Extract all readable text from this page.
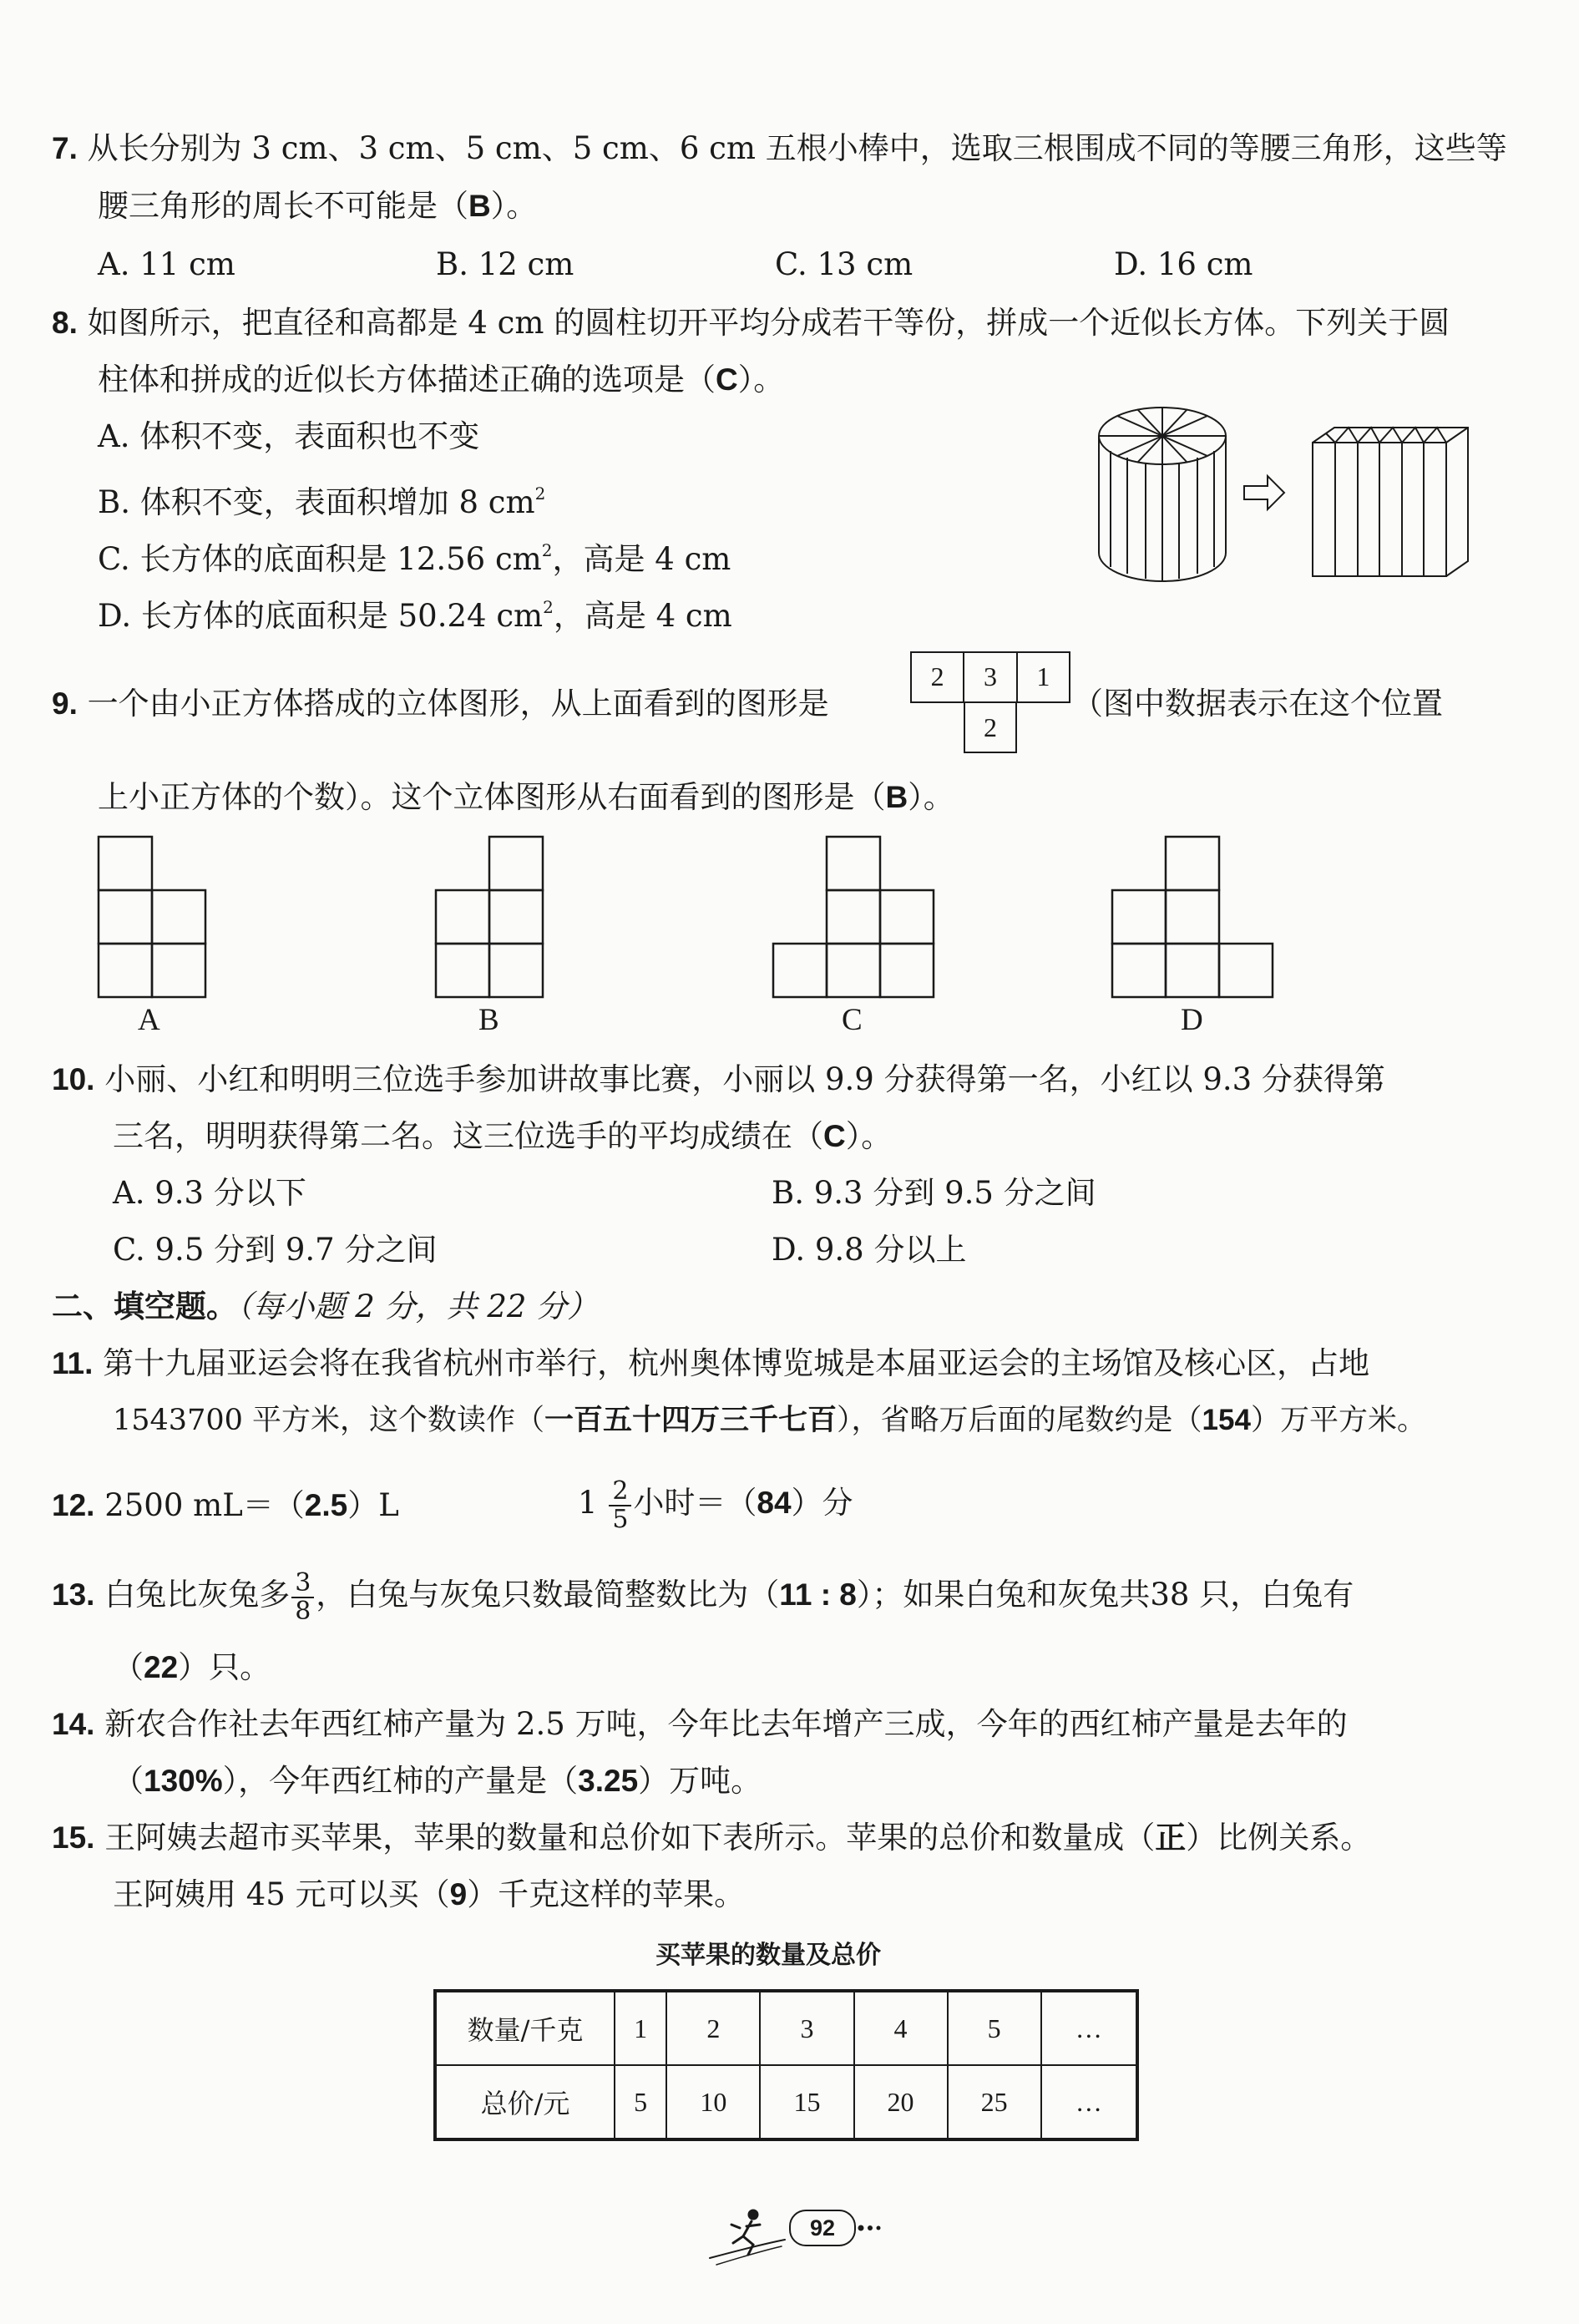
7. 从长分别为 3 cm、3 cm、5 cm、5 cm、6 cm 五根小棒中，选取三根围成不同的等腰三角形，这些等
腰三角形的周长不可能是（B）。
A. 11 cm	B. 12 cm	C. 13 cm	D. 16 cm
8. 如图所示，把直径和高都是 4 cm 的圆柱切开平均分成若干等份，拼成一个近似长方体。下列关于圆
柱体和拼成的近似长方体描述正确的选项是（C）。
A. 体积不变，表面积也不变
B. 体积不变，表面积增加 8 $cm^2$
C. 长方体的底面积是 12.56 $cm^2$，高是 4 cm
D. 长方体的底面积是 50.24 $cm^2$，高是 4 cm
9. 一个由小正方体搭成的立体图形，从上面看到的图形是
2	3	1
2
（图中数据表示在这个位置
上小正方体的个数）。这个立体图形从右面看到的图形是（B）。
A	B	C	D
10. 小丽、小红和明明三位选手参加讲故事比赛，小丽以 9.9 分获得第一名，小红以 9.3 分获得第
三名，明明获得第二名。这三位选手的平均成绩在（C）。
A. 9.3 分以下	B. 9.3 分到 9.5 分之间
C. 9.5 分到 9.7 分之间	D. 9.8 分以上
二、填空题。（每小题 2 分，共 22 分）
11. 第十九届亚运会将在我省杭州市举行，杭州奥体博览城是本届亚运会的主场馆及核心区，占地
1543700 平方米，这个数读作（一百五十四万三千七百），省略万后面的尾数约是（154）万平方米。
12. 2500 mL＝（2.5）L	$1 \frac{2}{5}$ 小时＝（84）分
13. 白兔比灰兔多 $\frac{3}{8}$ ，白兔与灰兔只数最简整数比为（11 : 8）；如果白兔和灰兔共38 只，白兔有
（22）只。
14. 新农合作社去年西红柿产量为 2.5 万吨，今年比去年增产三成，今年的西红柿产量是去年的
（130%），今年西红柿的产量是（3.25）万吨。
15. 王阿姨去超市买苹果，苹果的数量和总价如下表所示。苹果的总价和数量成（正）比例关系。
王阿姨用 45 元可以买（9）千克这样的苹果。
买苹果的数量及总价
数量/千克	1	2	3	4	5	…
总价/元	5	10	15	20	25	…
92
